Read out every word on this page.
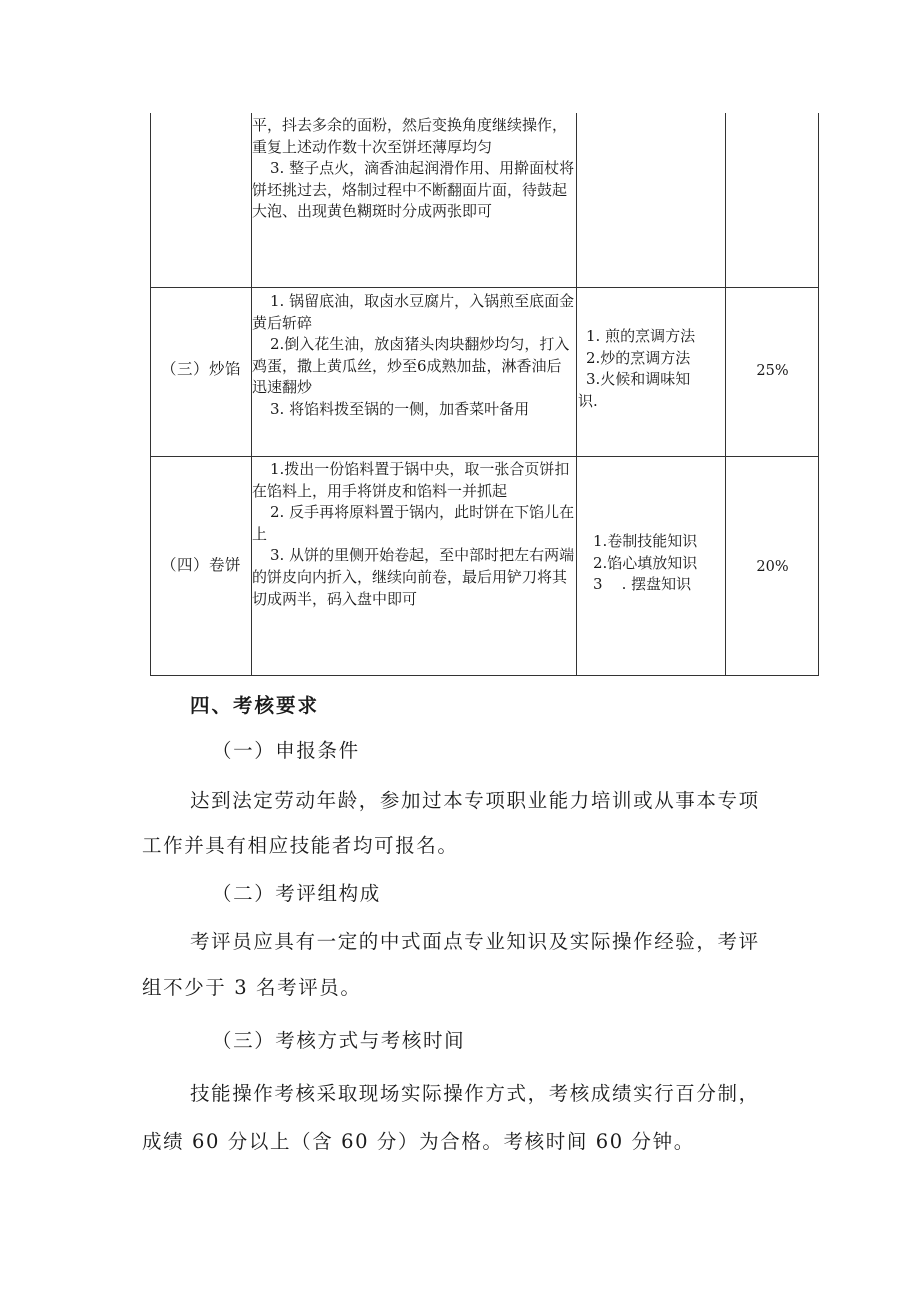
平，抖去多余的面粉，然后变换角度继续操作，重复上述动作数十次至饼坯薄厚均匀

3. 整子点火，滴香油起润滑作用、用擀面杖将饼坯挑过去，烙制过程中不断翻面片面，待鼓起大泡、出现黄色糊斑时分成两张即可

（三）炒馅

1. 锅留底油，取卤水豆腐片，入锅煎至底面金黄后斩碎

2.倒入花生油，放卤猪头肉块翻炒均匀，打入鸡蛋，撒上黄瓜丝，炒至6成熟加盐，淋香油后迅速翻炒

3. 将馅料拨至锅的一侧，加香菜叶备用

1. 煎的烹调方法
2.炒的烹调方法
3.火候和调味知
识.
25%
（四）卷饼

1.拨出一份馅料置于锅中央，取一张合页饼扣在馅料上，用手将饼皮和馅料一并抓起

2. 反手再将原料置于锅内，此时饼在下馅儿在上

3. 从饼的里侧开始卷起，至中部时把左右两端的饼皮向内折入，继续向前卷，最后用铲刀将其切成两半，码入盘中即可

1.卷制技能知识
2.馅心填放知识
3    . 摆盘知识
20%
四、考核要求
（一）申报条件
达到法定劳动年龄，参加过本专项职业能力培训或从事本专项
工作并具有相应技能者均可报名。
（二）考评组构成
考评员应具有一定的中式面点专业知识及实际操作经验，考评
组不少于 3 名考评员。
（三）考核方式与考核时间
技能操作考核采取现场实际操作方式，考核成绩实行百分制，
成绩 60 分以上（含 60 分）为合格。考核时间 60 分钟。
